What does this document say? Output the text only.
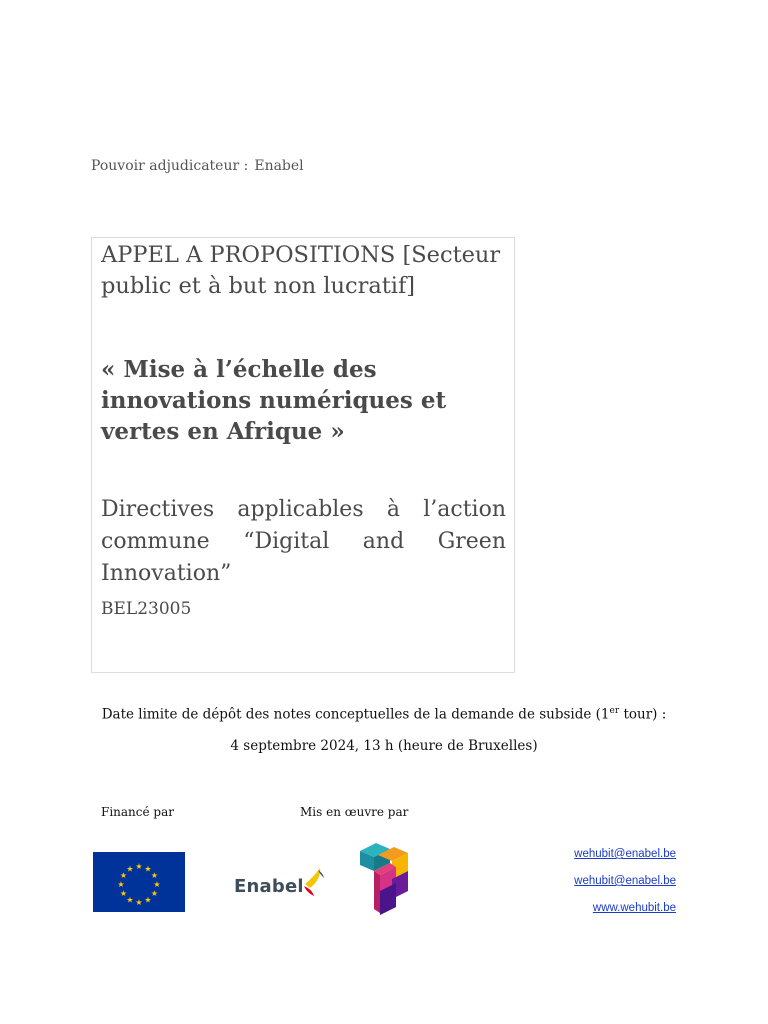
Pouvoir adjudicateur : Enabel
APPEL A PROPOSITIONS [Secteur public et à but non lucratif]
« Mise à l’échelle des innovations numériques et vertes en Afrique »
Directives applicables à l’action commune “Digital and Green Innovation”
BEL23005
Date limite de dépôt des notes conceptuelles de la demande de subside (1er tour) :
4 septembre 2024, 13 h (heure de Bruxelles)
Financé par	Mis en œuvre par
★ ★
★
★
★
★
★
★
★
★
★
★
Enabel
wehubit@enabel.be
wehubit@enabel.be
www.wehubit.be
